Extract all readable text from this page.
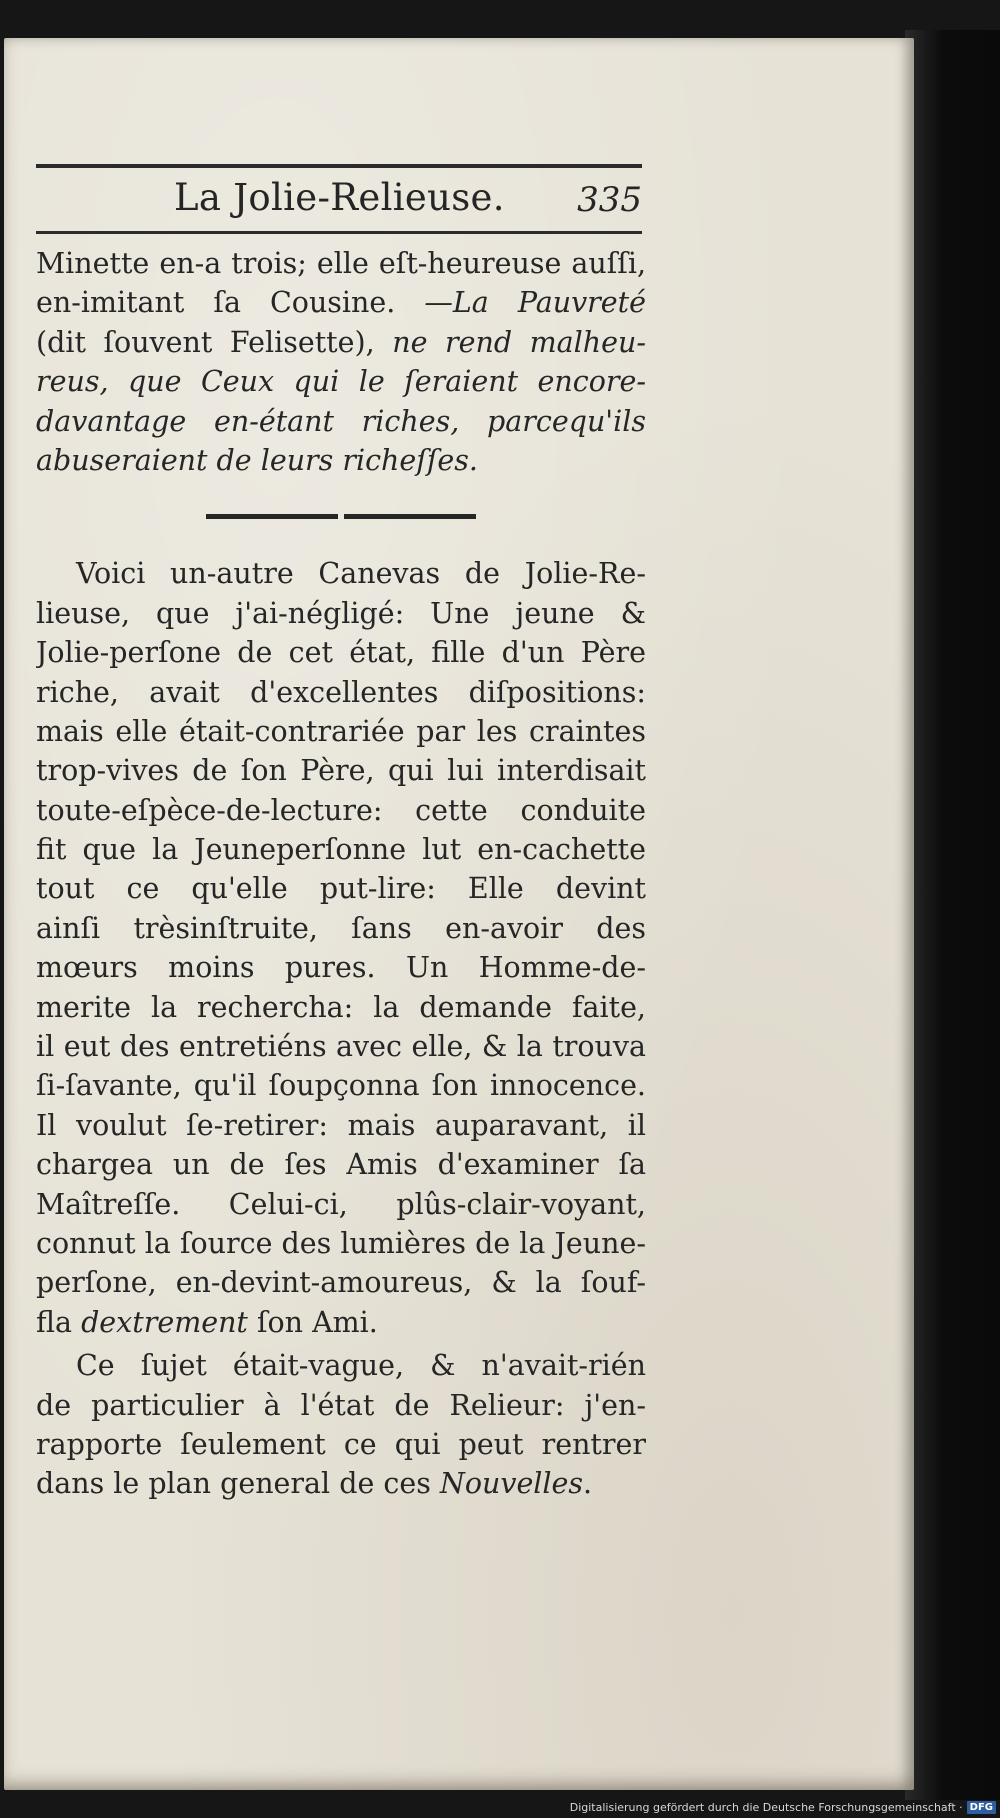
La Jolie-Relieuse. 335
Minette en-a trois; elle eſt-heureuse auſſi,
en-imitant ſa Cousine. —La Pauvreté
(dit ſouvent Felisette), ne rend malheu-
reus, que Ceux qui le ſeraient encore-
davantage en-étant riches, parcequ'ils
abuseraient de leurs richeſſes.
Voici un-autre Canevas de Jolie-Re-
lieuse, que j'ai-négligé: Une jeune &
Jolie-perſone de cet état, fille d'un Père
riche, avait d'excellentes diſpositions:
mais elle était-contrariée par les craintes
trop-vives de ſon Père, qui lui interdisait
toute-eſpèce-de-lecture: cette conduite
fit que la Jeuneperſonne lut en-cachette
tout ce qu'elle put-lire: Elle devint
ainſi trèsinſtruite, ſans en-avoir des
mœurs moins pures. Un Homme-de-
merite la rechercha: la demande faite,
il eut des entretiéns avec elle, & la trouva
ſi-ſavante, qu'il ſoupçonna ſon innocence.
Il voulut ſe-retirer: mais auparavant, il
chargea un de ſes Amis d'examiner ſa
Maîtreſſe. Celui-ci, plûs-clair-voyant,
connut la ſource des lumières de la Jeune-
perſone, en-devint-amoureus, & la ſouf-
fla dextrement ſon Ami.
Ce ſujet était-vague, & n'avait-rién
de particulier à l'état de Relieur: j'en-
rapporte ſeulement ce qui peut rentrer
dans le plan general de ces Nouvelles.
Digitalisierung gefördert durch die Deutsche Forschungsgemeinschaft · DFG
